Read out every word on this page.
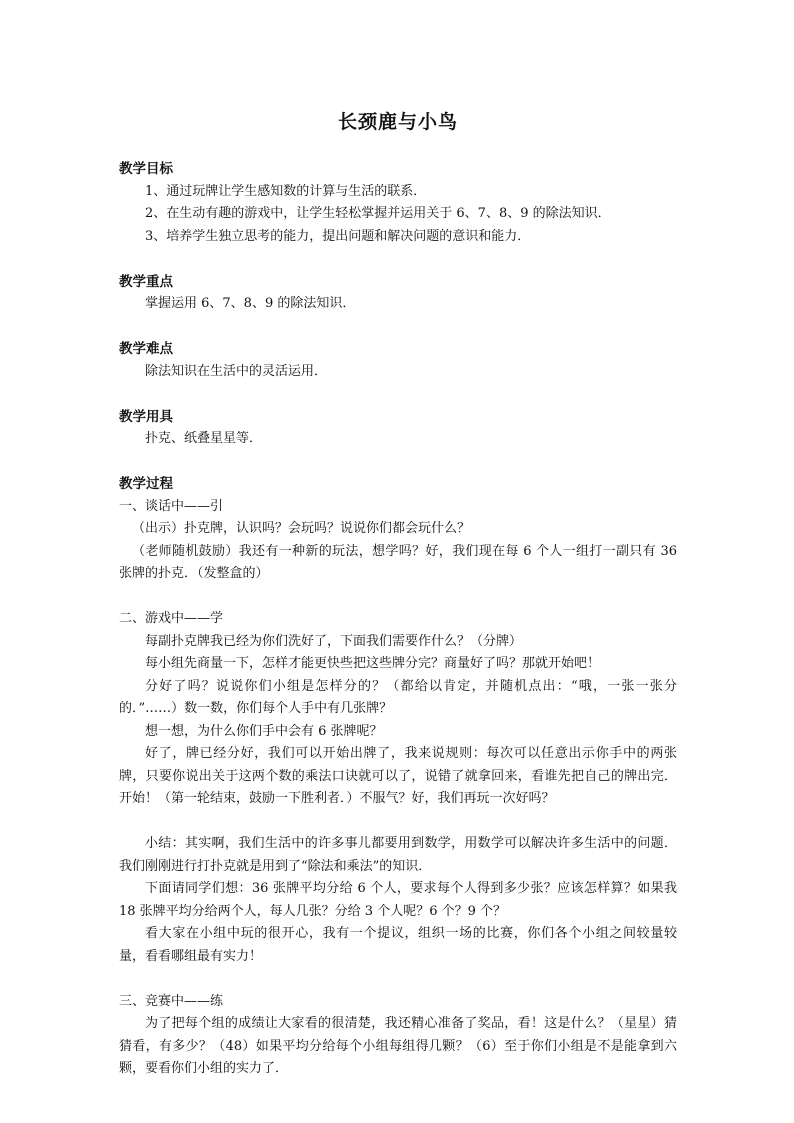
长颈鹿与小鸟
教学目标

1、通过玩牌让学生感知数的计算与生活的联系．

2、在生动有趣的游戏中，让学生轻松掌握并运用关于 6、7、8、9 的除法知识．

3、培养学生独立思考的能力，提出问题和解决问题的意识和能力．

教学重点

掌握运用 6、7、8、9 的除法知识．

教学难点

除法知识在生活中的灵活运用．

教学用具

扑克、纸叠星星等．

教学过程

一、谈话中——引

（出示）扑克牌，认识吗？会玩吗？说说你们都会玩什么？

（老师随机鼓励）我还有一种新的玩法，想学吗？好，我们现在每 6 个人一组打一副只有 36 张牌的扑克．（发整盒的）

二、游戏中——学

每副扑克牌我已经为你们洗好了，下面我们需要作什么？（分牌）

每小组先商量一下，怎样才能更快些把这些牌分完？商量好了吗？那就开始吧！

分好了吗？说说你们小组是怎样分的？（都给以肯定，并随机点出：“哦，一张一张分的．”……）数一数，你们每个人手中有几张牌？

想一想，为什么你们手中会有 6 张牌呢？

好了，牌已经分好，我们可以开始出牌了，我来说规则：每次可以任意出示你手中的两张牌，只要你说出关于这两个数的乘法口诀就可以了，说错了就拿回来，看谁先把自己的牌出完．开始！（第一轮结束，鼓励一下胜利者．）不服气？好，我们再玩一次好吗？

小结：其实啊，我们生活中的许多事儿都要用到数学，用数学可以解决许多生活中的问题．我们刚刚进行打扑克就是用到了“除法和乘法”的知识．

下面请同学们想：36 张牌平均分给 6 个人，要求每个人得到多少张？应该怎样算？如果我 18 张牌平均分给两个人，每人几张？分给 3 个人呢？6 个？9 个？

看大家在小组中玩的很开心，我有一个提议，组织一场的比赛，你们各个小组之间较量较量，看看哪组最有实力！

三、竞赛中——练

为了把每个组的成绩让大家看的很清楚，我还精心准备了奖品，看！这是什么？（星星）猜猜看，有多少？（48）如果平均分给每个小组每组得几颗？（6）至于你们小组是不是能拿到六颗，要看你们小组的实力了．
